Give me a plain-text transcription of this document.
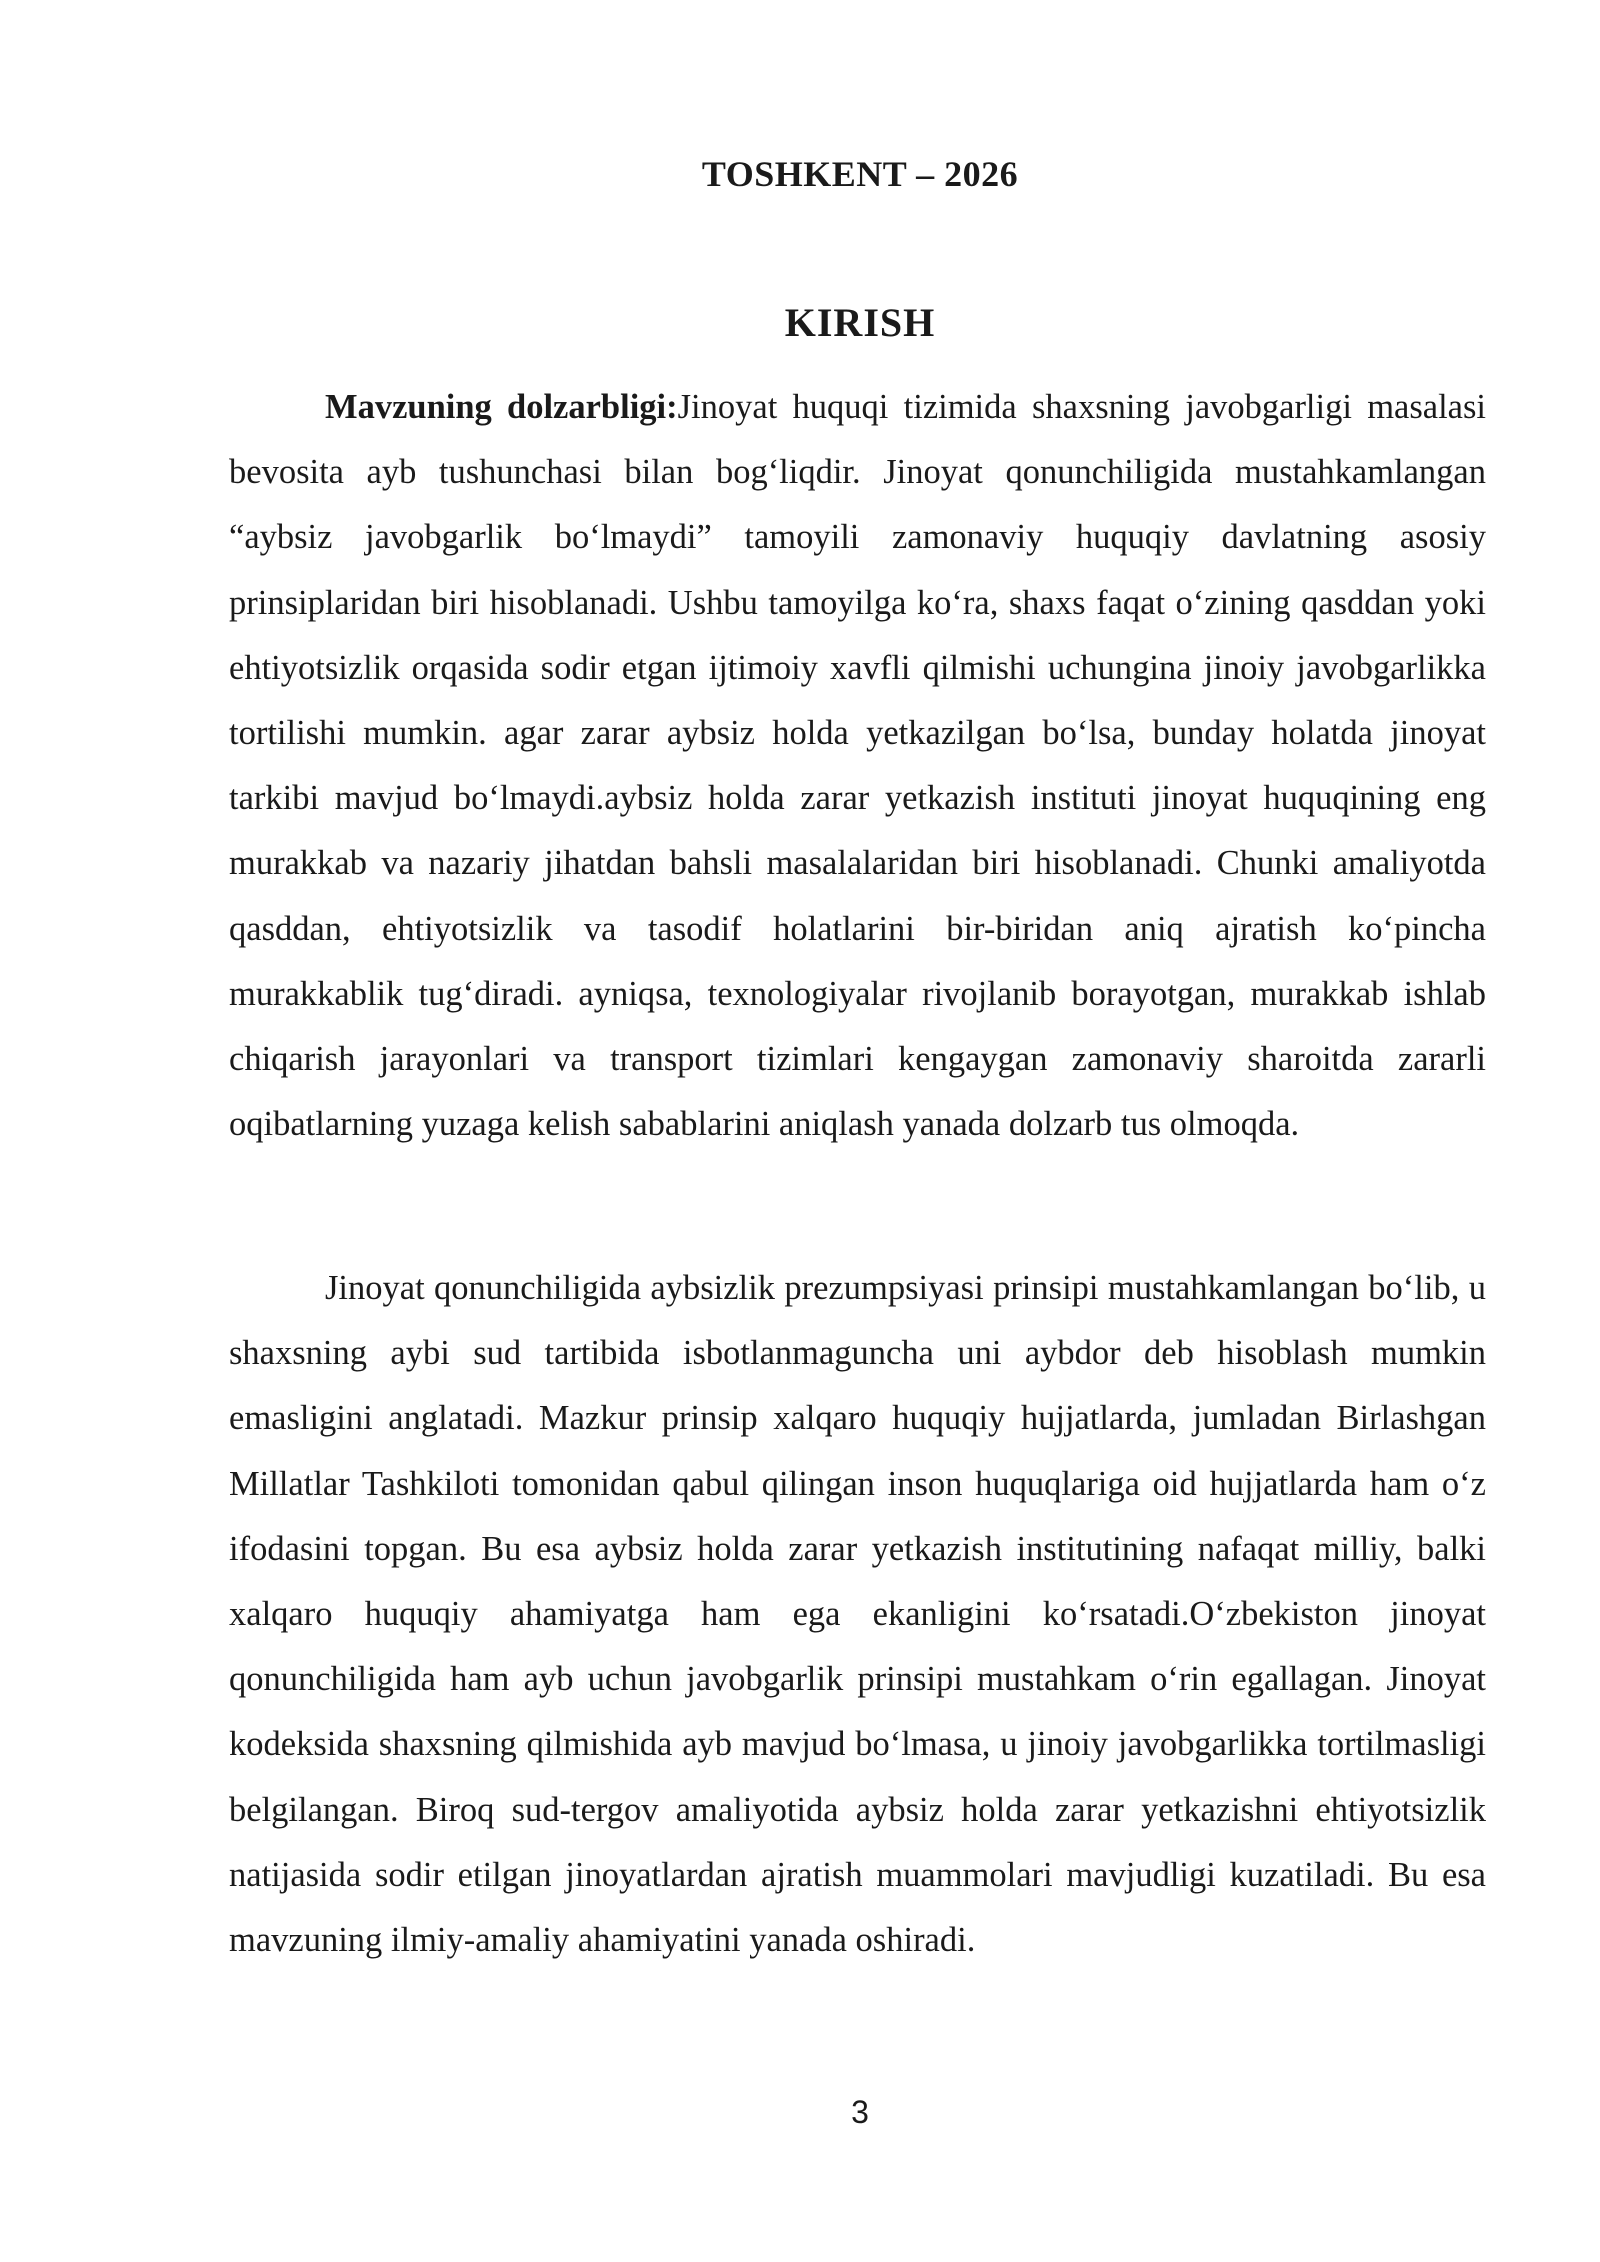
TOSHKENT – 2026
KIRISH
Mavzuning dolzarbligi:Jinoyat huquqi tizimida shaxsning javobgarligi masalasi bevosita ayb tushunchasi bilan bogʻliqdir. Jinoyat qonunchiligida mustahkamlangan “aybsiz javobgarlik boʻlmaydi” tamoyili zamonaviy huquqiy davlatning asosiy prinsiplaridan biri hisoblanadi. Ushbu tamoyilga koʻra, shaxs faqat oʻzining qasddan yoki ehtiyotsizlik orqasida sodir etgan ijtimoiy xavfli qilmishi uchungina jinoiy javobgarlikka tortilishi mumkin. agar zarar aybsiz holda yetkazilgan boʻlsa, bunday holatda jinoyat tarkibi mavjud boʻlmaydi.aybsiz holda zarar yetkazish instituti jinoyat huquqining eng murakkab va nazariy jihatdan bahsli masalalaridan biri hisoblanadi. Chunki amaliyotda qasddan, ehtiyotsizlik va tasodif holatlarini bir-biridan aniq ajratish koʻpincha murakkablik tugʻdiradi. ayniqsa, texnologiyalar rivojlanib borayotgan, murakkab ishlab chiqarish jarayonlari va transport tizimlari kengaygan zamonaviy sharoitda zararli oqibatlarning yuzaga kelish sabablarini aniqlash yanada dolzarb tus olmoqda.
Jinoyat qonunchiligida aybsizlik prezumpsiyasi prinsipi mustahkamlangan boʻlib, u shaxsning aybi sud tartibida isbotlanmaguncha uni aybdor deb hisoblash mumkin emasligini anglatadi. Mazkur prinsip xalqaro huquqiy hujjatlarda, jumladan Birlashgan Millatlar Tashkiloti tomonidan qabul qilingan inson huquqlariga oid hujjatlarda ham oʻz ifodasini topgan. Bu esa aybsiz holda zarar yetkazish institutining nafaqat milliy, balki xalqaro huquqiy ahamiyatga ham ega ekanligini koʻrsatadi.Oʻzbekiston jinoyat qonunchiligida ham ayb uchun javobgarlik prinsipi mustahkam oʻrin egallagan. Jinoyat kodeksida shaxsning qilmishida ayb mavjud boʻlmasa, u jinoiy javobgarlikka tortilmasligi belgilangan. Biroq sud-tergov amaliyotida aybsiz holda zarar yetkazishni ehtiyotsizlik natijasida sodir etilgan jinoyatlardan ajratish muammolari mavjudligi kuzatiladi. Bu esa mavzuning ilmiy-amaliy ahamiyatini yanada oshiradi.
3
